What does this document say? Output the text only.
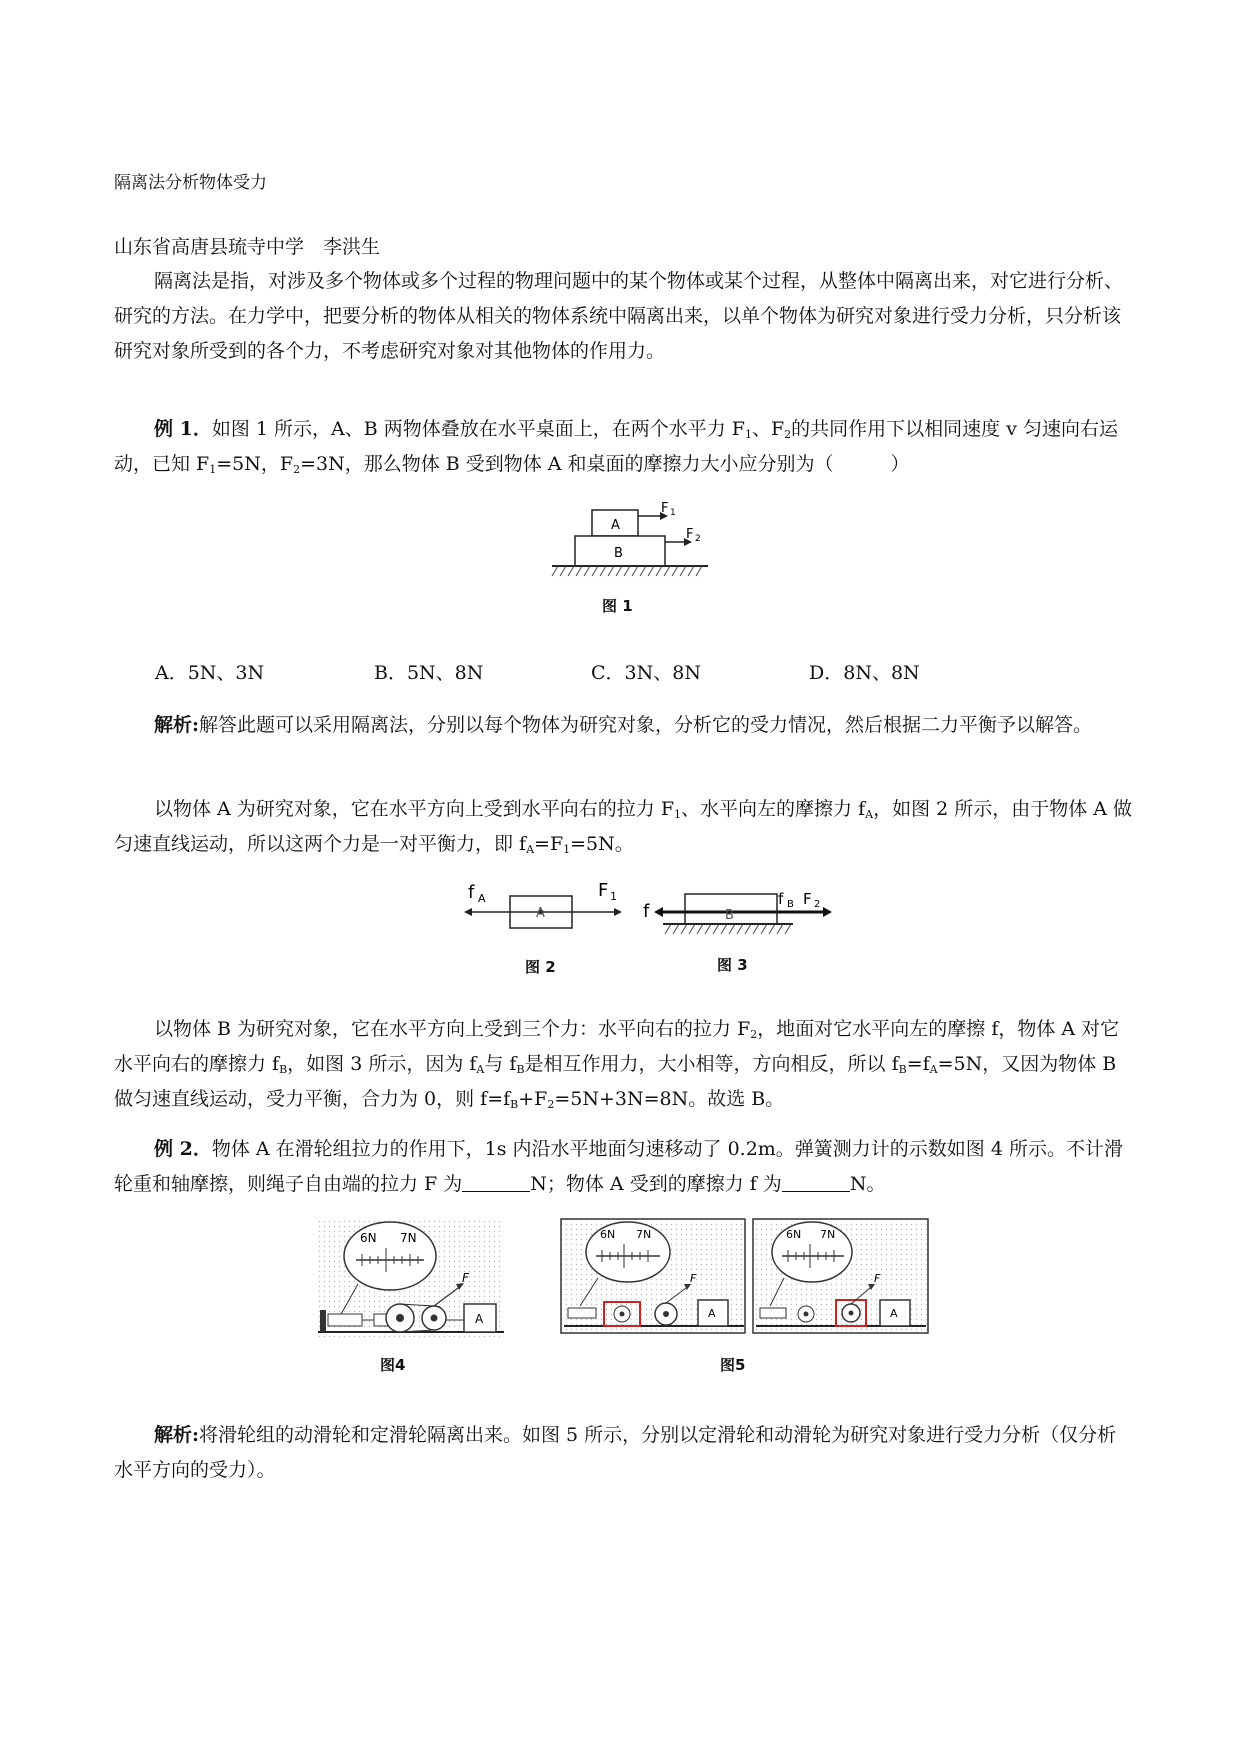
隔离法分析物体受力
山东省高唐县琉寺中学　李洪生
隔离法是指，对涉及多个物体或多个过程的物理问题中的某个物体或某个过程，从整体中隔离出来，对它进行分析、研究的方法。在力学中，把要分析的物体从相关的物体系统中隔离出来，以单个物体为研究对象进行受力分析，只分析该研究对象所受到的各个力，不考虑研究对象对其他物体的作用力。
例 1．如图 1 所示，A、B 两物体叠放在水平桌面上，在两个水平力 $F_1$、$F_2$的共同作用下以相同速度 v 匀速向右运动，已知 $F_1=5N$，$F_2=3N$，那么物体 B 受到物体 A 和桌面的摩擦力大小应分别为（　　　）
A
B
F 1
F 2
图 1
A．5N、3N	B．5N、8N	C．3N、8N	D．8N、8N
解析:解答此题可以采用隔离法，分别以每个物体为研究对象，分析它的受力情况，然后根据二力平衡予以解答。
以物体 A 为研究对象，它在水平方向上受到水平向右的拉力 $F_1$、水平向左的摩擦力 $f_A$，如图 2 所示，由于物体 A 做匀速直线运动，所以这两个力是一对平衡力，即 $f_A=F_1=5N$。
f A	F 1
A
图 2
f	B
f B F 2
图 3
以物体 B 为研究对象，它在水平方向上受到三个力：水平向右的拉力 $F_2$，地面对它水平向左的摩擦 f，物体 A 对它水平向右的摩擦力 $f_B$，如图 3 所示，因为 $f_A$与 $f_B$是相互作用力，大小相等，方向相反，所以 $f_B=f_A=5N$，又因为物体 B 做匀速直线运动，受力平衡，合力为 0，则 $f=f_B+F_2=5N+3N=8N$。故选 B。
例 2．物体 A 在滑轮组拉力的作用下，1s 内沿水平地面匀速移动了 0.2m。弹簧测力计的示数如图 4 所示。不计滑轮重和轴摩擦，则绳子自由端的拉力 F 为	N；物体 A 受到的摩擦力 f 为	N。
6N 7N
F
A
图4
6N 7N
F
A
6N 7N
F
A
图5
解析:将滑轮组的动滑轮和定滑轮隔离出来。如图 5 所示，分别以定滑轮和动滑轮为研究对象进行受力分析（仅分析水平方向的受力）。
